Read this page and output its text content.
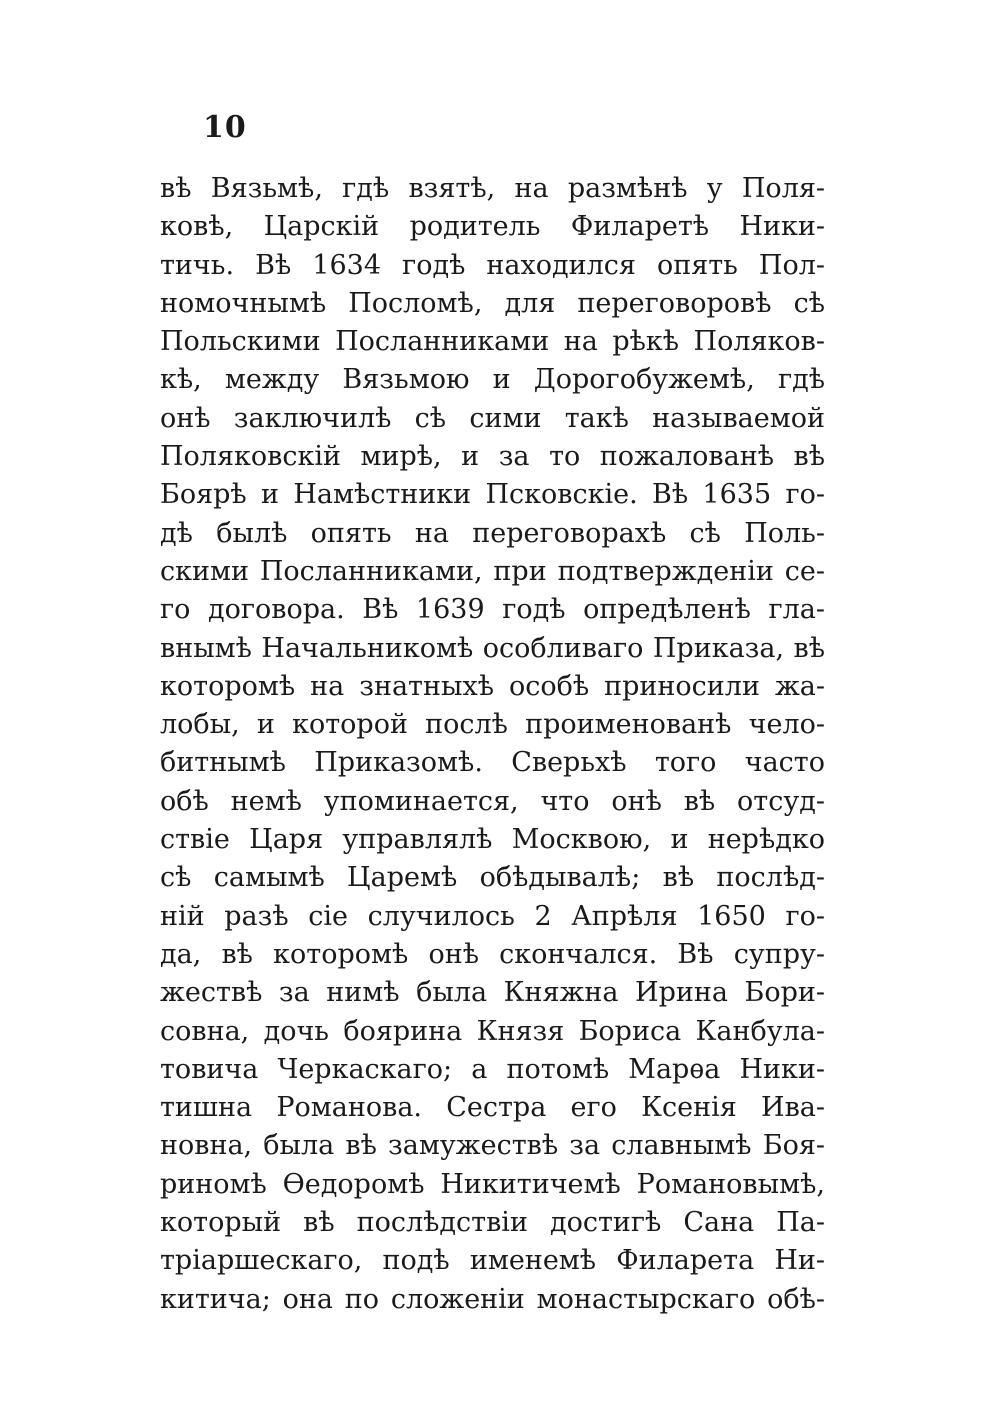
10
вѣ Вязьмѣ, гдѣ взятѣ, на размѣнѣ у Поля-
ковѣ, Царскій родитель Филаретѣ Ники-
тичь. Вѣ 1634 годѣ находился опять Пол-
номочнымѣ Посломѣ, для переговоровѣ сѣ
Польскими Посланниками на рѣкѣ Поляков-
кѣ, между Вязьмою и Дорогобужемѣ, гдѣ
онѣ заключилѣ сѣ сими такѣ называемой
Поляковскій мирѣ, и за то пожалованѣ вѣ
Боярѣ и Намѣстники Псковскіе. Вѣ 1635 го-
дѣ былѣ опять на переговорахѣ сѣ Поль-
скими Посланниками, при подтвержденіи се-
го договора. Вѣ 1639 годѣ опредѣленѣ гла-
внымѣ Начальникомѣ особливаго Приказа, вѣ
которомѣ на знатныхѣ особѣ приносили жа-
лобы, и которой послѣ проименованѣ чело-
битнымѣ Приказомѣ. Сверьхѣ того часто
обѣ немѣ упоминается, что онѣ вѣ отсуд-
ствіе Царя управлялѣ Москвою, и нерѣдко
сѣ самымѣ Царемѣ обѣдывалѣ; вѣ послѣд-
ній разѣ сіе случилось 2 Апрѣля 1650 го-
да, вѣ которомѣ онѣ скончался. Вѣ супру-
жествѣ за нимѣ была Княжна Ирина Бори-
совна, дочь боярина Князя Бориса Канбула-
товича Черкаскаго; а потомѣ Марѳа Ники-
тишна Романова. Сестра его Ксенія Ива-
новна, была вѣ замужествѣ за славнымѣ Боя-
риномѣ Ѳедоромѣ Никитичемѣ Романовымѣ,
который вѣ послѣдствіи достигѣ Сана Па-
тріаршескаго, подѣ именемѣ Филарета Ни-
китича; она по сложеніи монастырскаго обѣ-
